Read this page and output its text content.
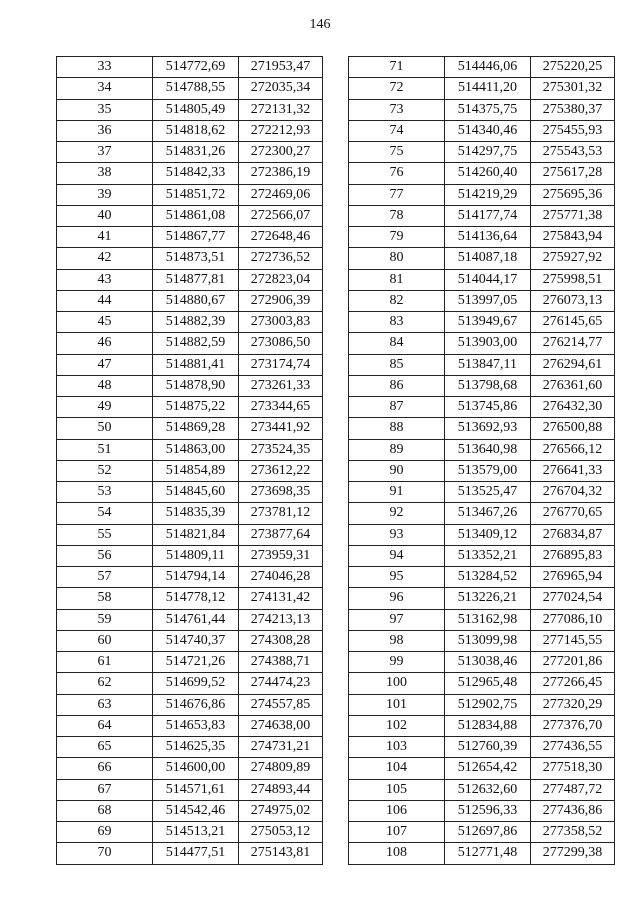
146
33	514772,69	271953,47
34	514788,55	272035,34
35	514805,49	272131,32
36	514818,62	272212,93
37	514831,26	272300,27
38	514842,33	272386,19
39	514851,72	272469,06
40	514861,08	272566,07
41	514867,77	272648,46
42	514873,51	272736,52
43	514877,81	272823,04
44	514880,67	272906,39
45	514882,39	273003,83
46	514882,59	273086,50
47	514881,41	273174,74
48	514878,90	273261,33
49	514875,22	273344,65
50	514869,28	273441,92
51	514863,00	273524,35
52	514854,89	273612,22
53	514845,60	273698,35
54	514835,39	273781,12
55	514821,84	273877,64
56	514809,11	273959,31
57	514794,14	274046,28
58	514778,12	274131,42
59	514761,44	274213,13
60	514740,37	274308,28
61	514721,26	274388,71
62	514699,52	274474,23
63	514676,86	274557,85
64	514653,83	274638,00
65	514625,35	274731,21
66	514600,00	274809,89
67	514571,61	274893,44
68	514542,46	274975,02
69	514513,21	275053,12
70	514477,51	275143,81
71	514446,06	275220,25
72	514411,20	275301,32
73	514375,75	275380,37
74	514340,46	275455,93
75	514297,75	275543,53
76	514260,40	275617,28
77	514219,29	275695,36
78	514177,74	275771,38
79	514136,64	275843,94
80	514087,18	275927,92
81	514044,17	275998,51
82	513997,05	276073,13
83	513949,67	276145,65
84	513903,00	276214,77
85	513847,11	276294,61
86	513798,68	276361,60
87	513745,86	276432,30
88	513692,93	276500,88
89	513640,98	276566,12
90	513579,00	276641,33
91	513525,47	276704,32
92	513467,26	276770,65
93	513409,12	276834,87
94	513352,21	276895,83
95	513284,52	276965,94
96	513226,21	277024,54
97	513162,98	277086,10
98	513099,98	277145,55
99	513038,46	277201,86
100	512965,48	277266,45
101	512902,75	277320,29
102	512834,88	277376,70
103	512760,39	277436,55
104	512654,42	277518,30
105	512632,60	277487,72
106	512596,33	277436,86
107	512697,86	277358,52
108	512771,48	277299,38
